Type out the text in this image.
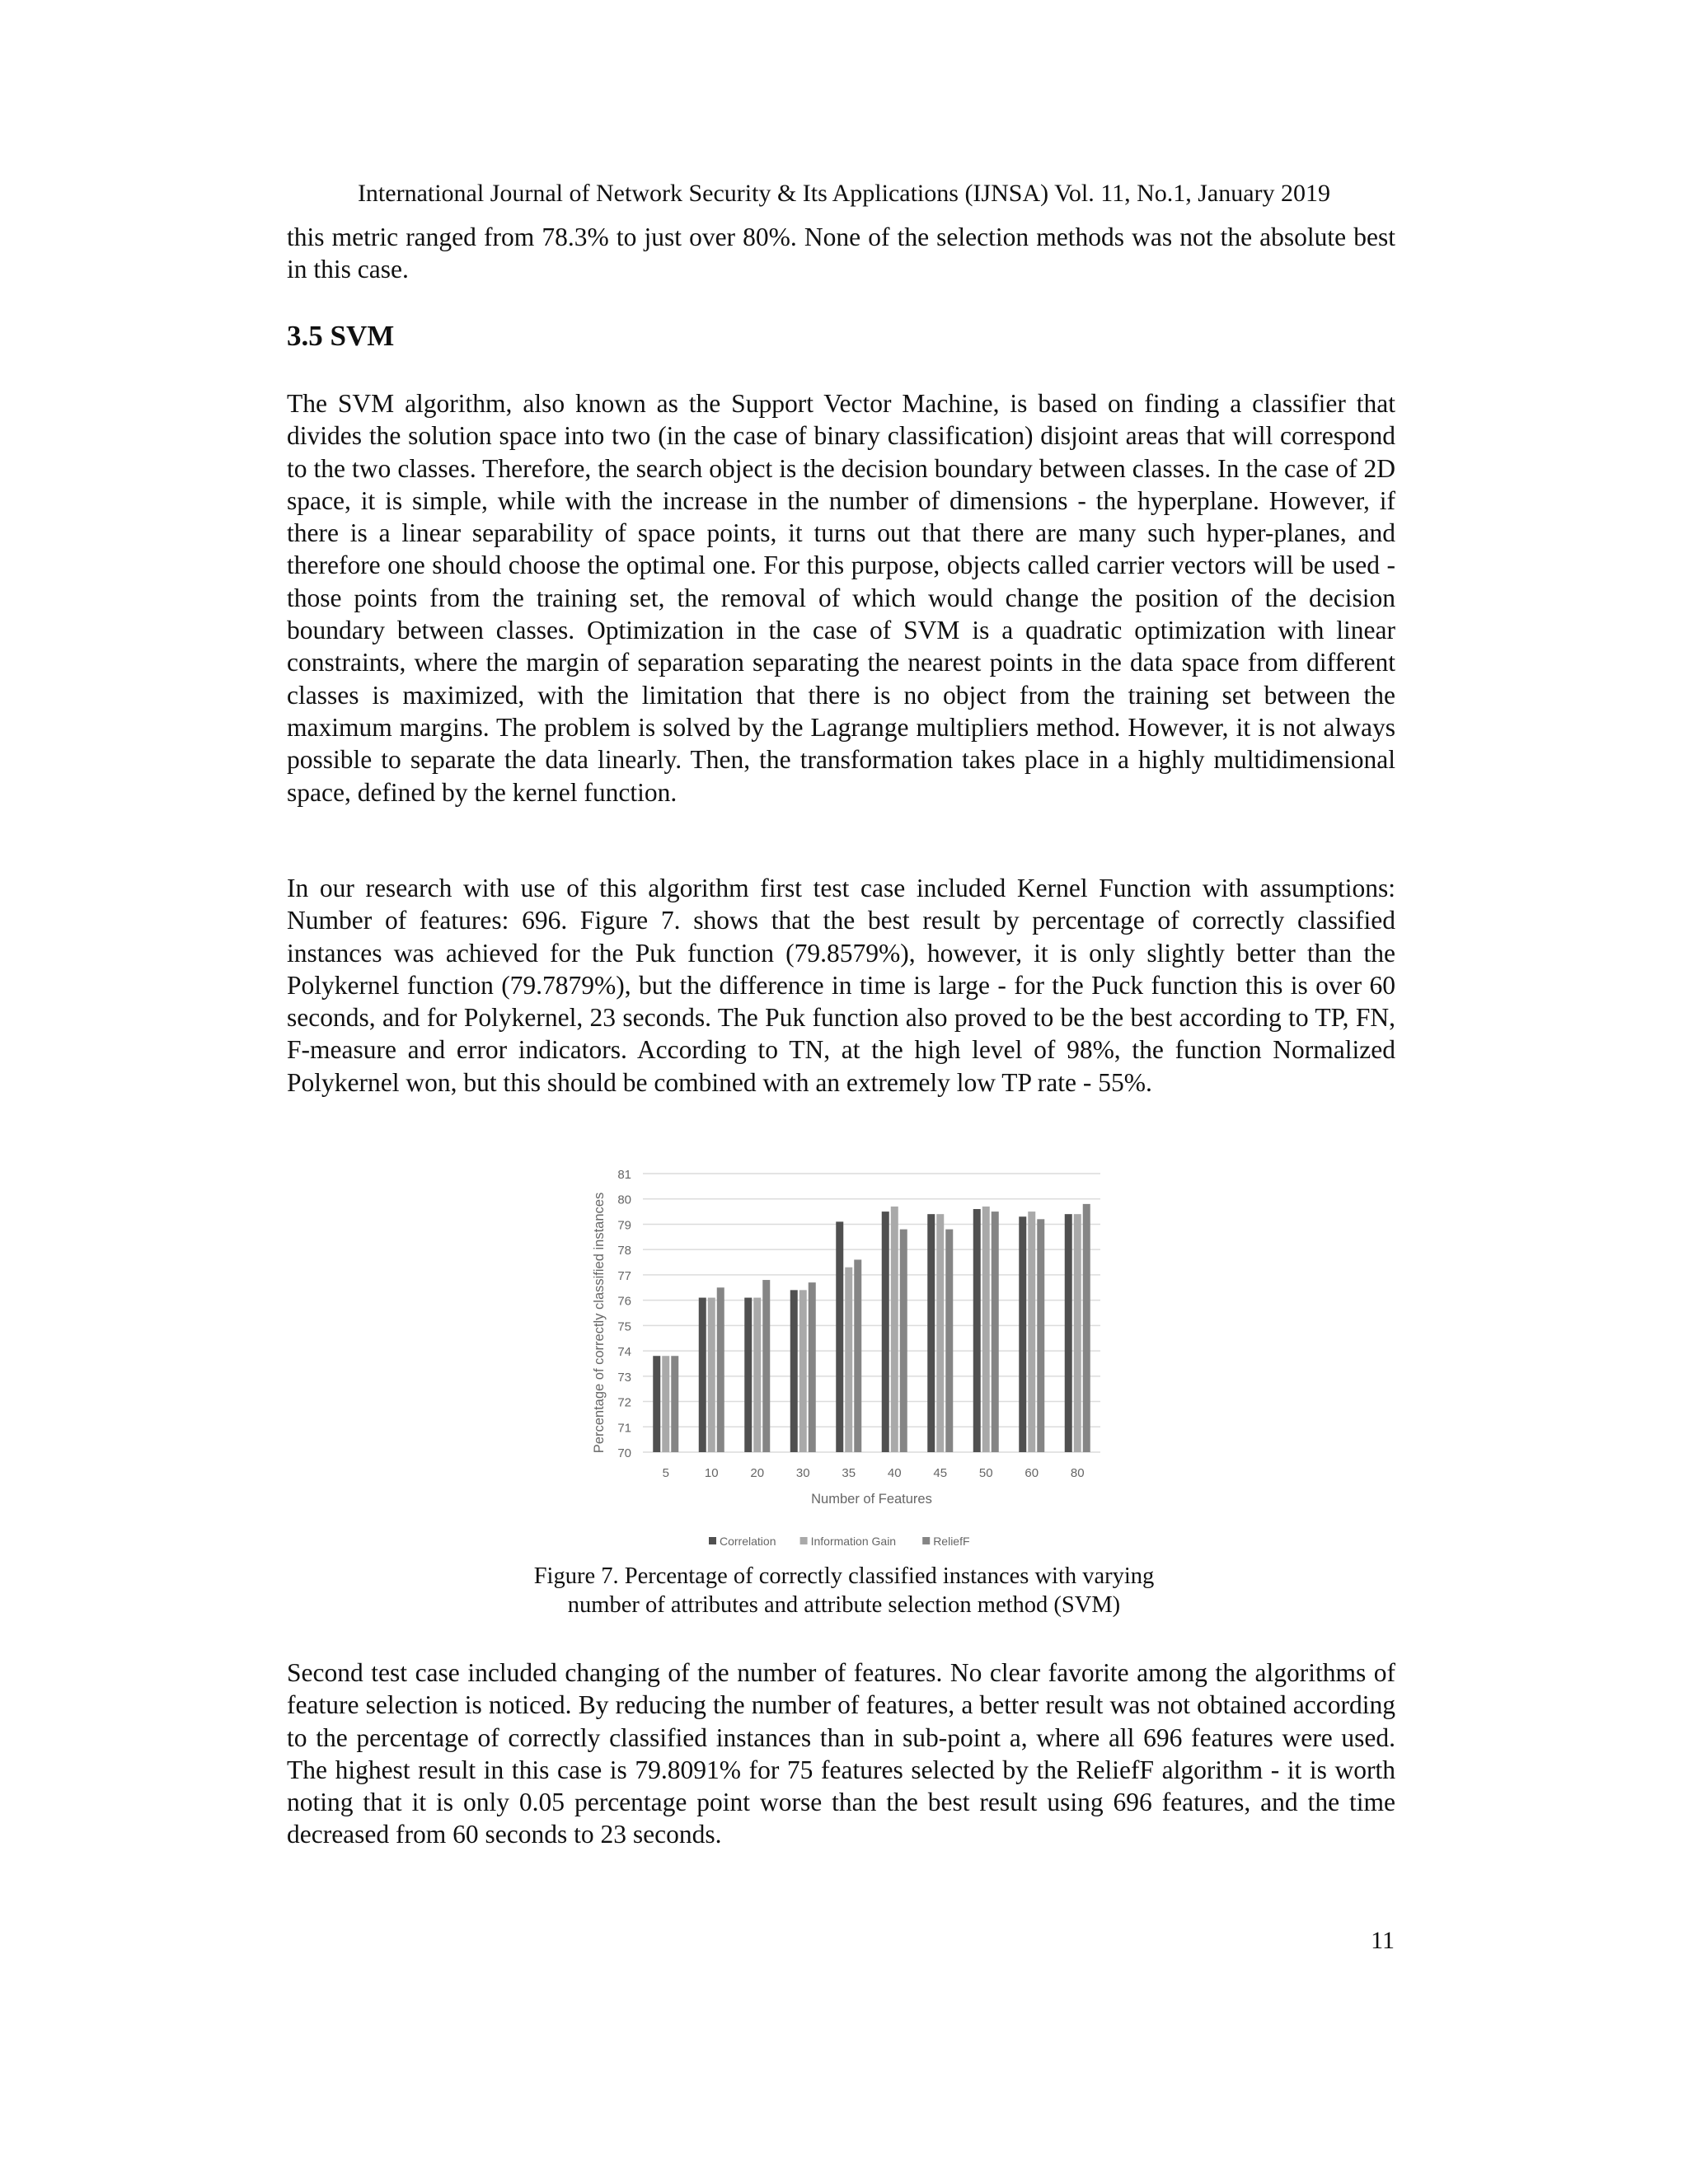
International Journal of Network Security & Its Applications (IJNSA) Vol. 11, No.1, January 2019

this metric ranged from 78.3% to just over 80%. None of the selection methods was not the absolute best in this case.

3.5 SVM

The SVM algorithm, also known as the Support Vector Machine, is based on finding a classifier that divides the solution space into two (in the case of binary classification) disjoint areas that will correspond to the two classes. Therefore, the search object is the decision boundary between classes. In the case of 2D space, it is simple, while with the increase in the number of dimensions - the hyperplane. However, if there is a linear separability of space points, it turns out that there are many such hyper-planes, and therefore one should choose the optimal one. For this purpose, objects called carrier vectors will be used - those points from the training set, the removal of which would change the position of the decision boundary between classes. Optimization in the case of SVM is a quadratic optimization with linear constraints, where the margin of separation separating the nearest points in the data space from different classes is maximized, with the limitation that there is no object from the training set between the maximum margins. The problem is solved by the Lagrange multipliers method. However, it is not always possible to separate the data linearly. Then, the transformation takes place in a highly multidimensional space, defined by the kernel function.

In our research with use of this algorithm first test case included Kernel Function with assumptions: Number of features: 696. Figure 7. shows that the best result by percentage of correctly classified instances was achieved for the Puk function (79.8579%), however, it is only slightly better than the Polykernel function (79.7879%), but the difference in time is large - for the Puck function this is over 60 seconds, and for Polykernel, 23 seconds. The Puk function also proved to be the best according to TP, FN, F-measure and error indicators. According to TN, at the high level of 98%, the function Normalized Polykernel won, but this should be combined with an extremely low TP rate - 55%.

70
71
72
73
74
75
76
77
78
79
80
81
5	10	20	30	35	40	45	50	60	80
Number of Features
Percentage of correctly classified instances
Correlation	Information Gain	ReliefF
Figure 7. Percentage of correctly classified instances with varying
number of attributes and attribute selection method (SVM)

Second test case included changing of the number of features. No clear favorite among the algorithms of feature selection is noticed. By reducing the number of features, a better result was not obtained according to the percentage of correctly classified instances than in sub-point a, where all 696 features were used. The highest result in this case is 79.8091% for 75 features selected by the ReliefF algorithm - it is worth noting that it is only 0.05 percentage point worse than the best result using 696 features, and the time decreased from 60 seconds to 23 seconds.

11
